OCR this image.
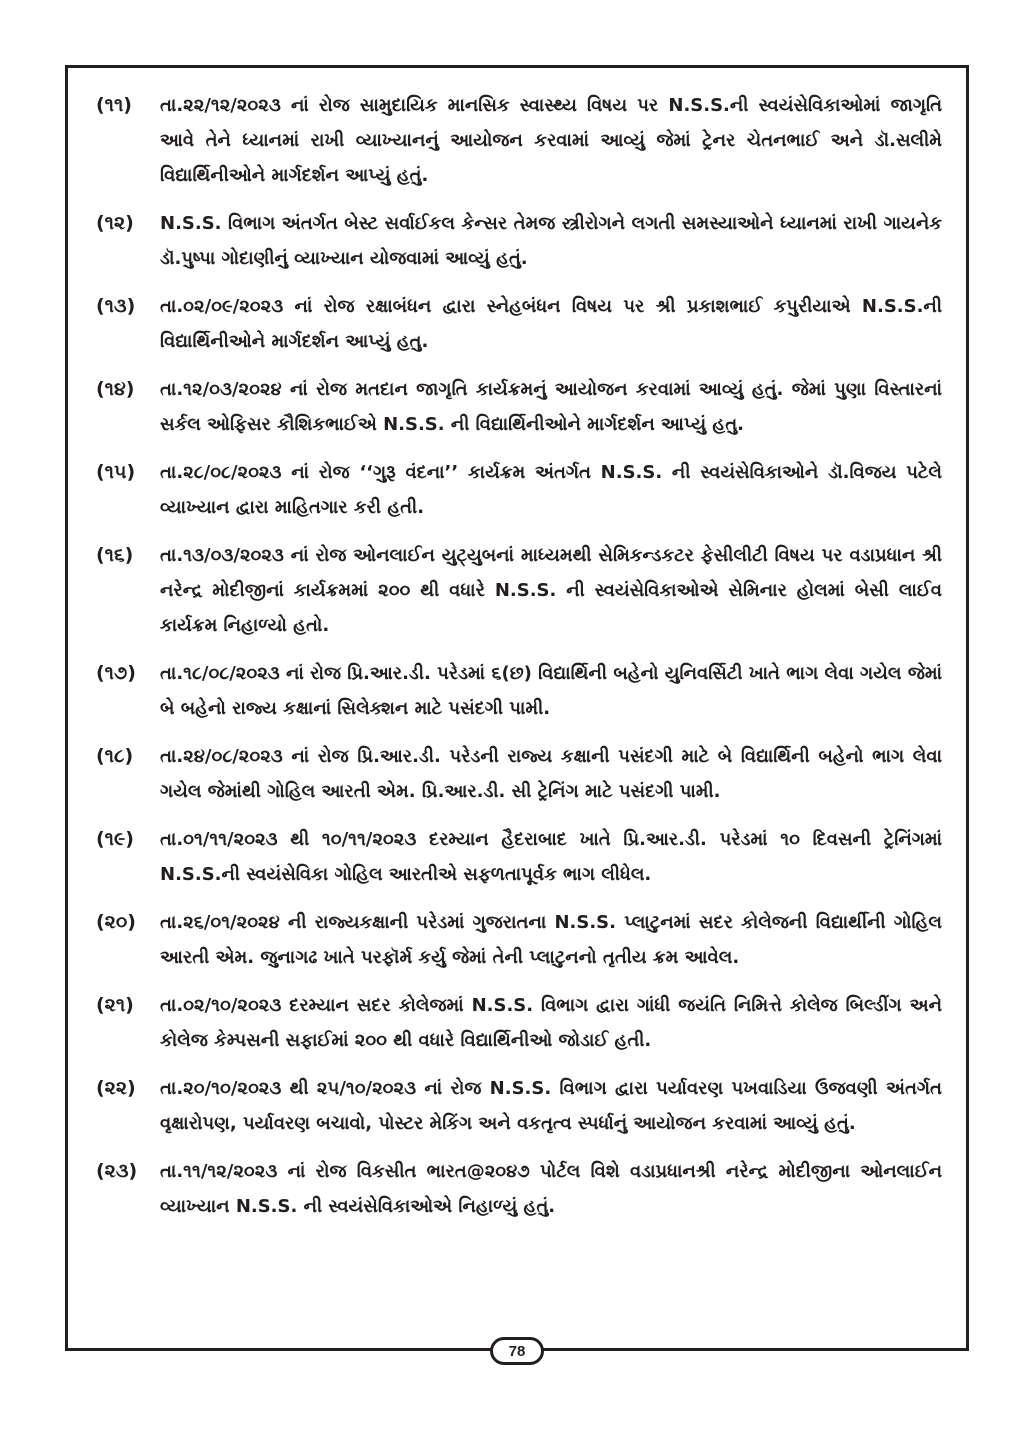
(૧૧)	તા.૨૨/૧૨/૨૦૨૩ નાં રોજ સામુદાયિક માનસિક સ્વાસ્થ્ય વિષય પર N.S.S.ની સ્વયંસેવિકાઓમાં જાગૃતિ આવે તેને ધ્યાનમાં રાખી વ્યાખ્યાનનું આયોજન કરવામાં આવ્યું જેમાં ટ્રેનર ચેતનભાઈ અને ડૉ.સલીમે વિદ્યાર્થિનીઓને માર્ગદર્શન આપ્યું હતું.
(૧૨)	N.S.S. વિભાગ અંતર્ગત બેસ્ટ સર્વાઈકલ કેન્સર તેમજ સ્ત્રીરોગને લગતી સમસ્યાઓને ધ્યાનમાં રાખી ગાયનેક ડૉ.પુષ્પા ગોદાણીનું વ્યાખ્યાન યોજવામાં આવ્યું હતું.
(૧૩)	તા.૦૨/૦૯/૨૦૨૩ નાં રોજ રક્ષાબંધન દ્વારા સ્નેહબંધન વિષય પર શ્રી પ્રકાશભાઈ કપુરીયાએ N.S.S.ની વિદ્યાર્થિનીઓને માર્ગદર્શન આપ્યું હતુ.
(૧૪)	તા.૧૨/૦૩/૨૦૨૪ નાં રોજ મતદાન જાગૃતિ કાર્યક્રમનું આયોજન કરવામાં આવ્યું હતું. જેમાં પુણા વિસ્તારનાં સર્કલ ઓફિસર કૌશિકભાઈએ N.S.S. ની વિદ્યાર્થિનીઓને માર્ગદર્શન આપ્યું હતુ.
(૧૫)	તા.૨૮/૦૮/૨૦૨૩ નાં રોજ ‘‘ગુરૂ વંદના’’ કાર્યક્રમ અંતર્ગત N.S.S. ની સ્વયંસેવિકાઓને ડૉ.વિજય પટેલે વ્યાખ્યાન દ્વારા માહિતગાર કરી હતી.
(૧૬)	તા.૧૩/૦૩/૨૦૨૩ નાં રોજ ઓનલાઈન યુટ્યુબનાં માધ્યમથી સેમિકન્ડકટર ફેસીલીટી વિષય પર વડાપ્રધાન શ્રી નરેન્દ્ર મોદીજીનાં કાર્યક્રમમાં ૨૦૦ થી વધારે N.S.S. ની સ્વયંસેવિકાઓએ સેમિનાર હોલમાં બેસી લાઈવ કાર્યક્રમ નિહાળ્યો હતો.
(૧૭)	તા.૧૮/૦૮/૨૦૨૩ નાં રોજ પ્રિ.આર.ડી. પરેડમાં ૬(છ) વિદ્યાર્થિની બહેનો યુનિવર્સિટી ખાતે ભાગ લેવા ગયેલ જેમાં બે બહેનો રાજ્ય કક્ષાનાં સિલેક્શન માટે પસંદગી પામી.
(૧૮)	તા.૨૪/૦૮/૨૦૨૩ નાં રોજ પ્રિ.આર.ડી. પરેડની રાજ્ય કક્ષાની પસંદગી માટે બે વિદ્યાર્થિની બહેનો ભાગ લેવા ગયેલ જેમાંથી ગોહિલ આરતી એમ. પ્રિ.આર.ડી. સી ટ્રેનિંગ માટે પસંદગી પામી.
(૧૯)	તા.૦૧/૧૧/૨૦૨૩ થી ૧૦/૧૧/૨૦૨૩ દરમ્યાન હૈદરાબાદ ખાતે પ્રિ.આર.ડી. પરેડમાં ૧૦ દિવસની ટ્રેનિંગમાં N.S.S.ની સ્વયંસેવિકા ગોહિલ આરતીએ સફળતાપૂર્વક ભાગ લીધેલ.
(૨૦)	તા.૨૬/૦૧/૨૦૨૪ ની રાજ્યકક્ષાની પરેડમાં ગુજરાતના N.S.S. પ્લાટુનમાં સદર કોલેજની વિદ્યાર્થીની ગોહિલ આરતી એમ. જુનાગઢ ખાતે પરફૉર્મ કર્યુ જેમાં તેની પ્લાટુનનો તૃતીય ક્રમ આવેલ.
(૨૧)	તા.૦૨/૧૦/૨૦૨૩ દરમ્યાન સદર કોલેજમાં N.S.S. વિભાગ દ્વારા ગાંધી જયંતિ નિમિત્તે કોલેજ બિલ્ડીંગ અને કોલેજ કેમ્પસની સફાઈમાં ૨૦૦ થી વધારે વિદ્યાર્થિનીઓ જોડાઈ હતી.
(૨૨)	તા.૨૦/૧૦/૨૦૨૩ થી ૨૫/૧૦/૨૦૨૩ નાં રોજ N.S.S. વિભાગ દ્વારા પર્યાવરણ પખવાડિયા ઉજવણી અંતર્ગત વૃક્ષારોપણ, પર્યાવરણ બચાવો, પોસ્ટર મેકિંગ અને વકતૃત્વ સ્પર્ધાનું આયોજન કરવામાં આવ્યું હતું.
(૨૩)	તા.૧૧/૧૨/૨૦૨૩ નાં રોજ વિકસીત ભારત@૨૦૪૭ પોર્ટલ વિશે વડાપ્રધાનશ્રી નરેન્દ્ર મોદીજીના ઓનલાઈન વ્યાખ્યાન N.S.S. ની સ્વયંસેવિકાઓએ નિહાળ્યું હતું.
78
